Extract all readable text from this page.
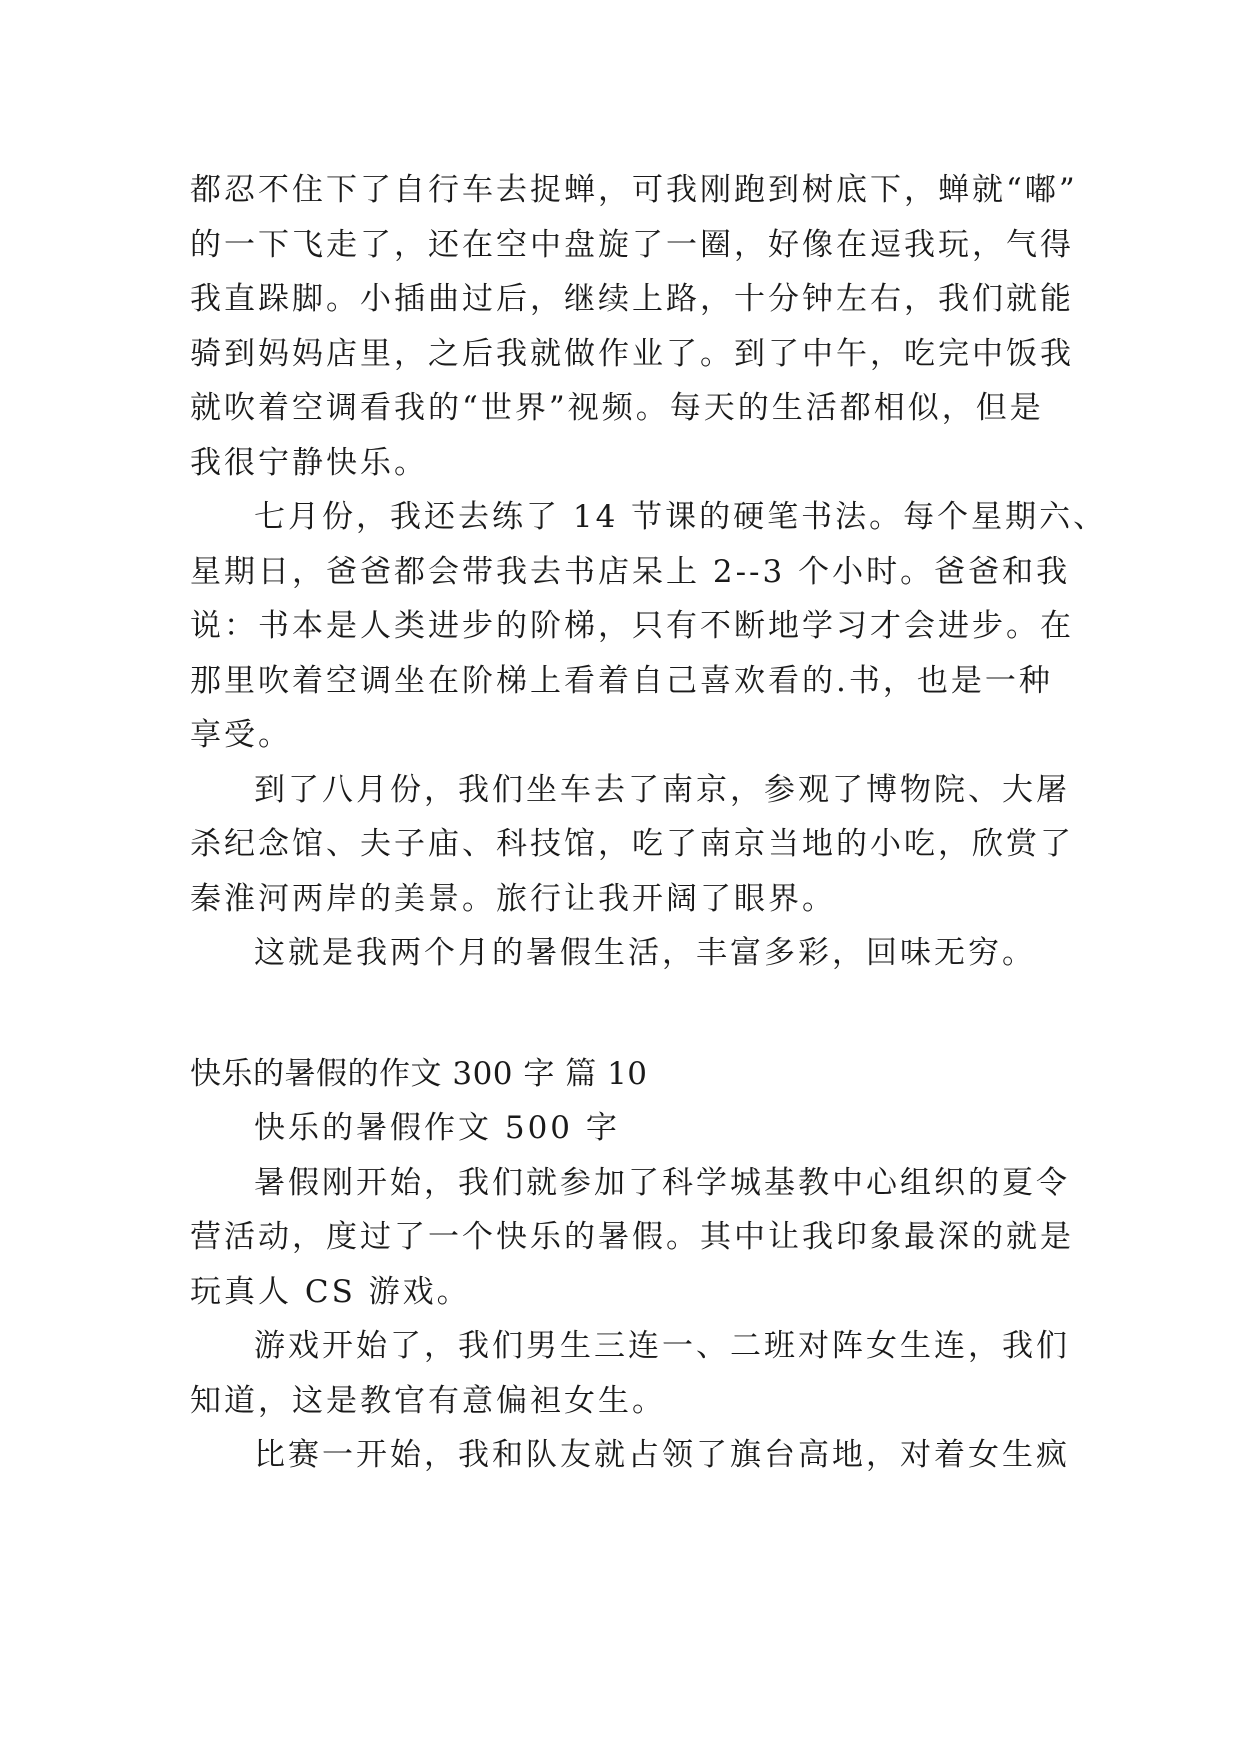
都忍不住下了自行车去捉蝉，可我刚跑到树底下，蝉就“嘟”
的一下飞走了，还在空中盘旋了一圈，好像在逗我玩，气得
我直跺脚。小插曲过后，继续上路，十分钟左右，我们就能
骑到妈妈店里，之后我就做作业了。到了中午，吃完中饭我
就吹着空调看我的“世界”视频。每天的生活都相似，但是
我很宁静快乐。
七月份，我还去练了 14 节课的硬笔书法。每个星期六、
星期日，爸爸都会带我去书店呆上 2--3 个小时。爸爸和我
说：书本是人类进步的阶梯，只有不断地学习才会进步。在
那里吹着空调坐在阶梯上看着自己喜欢看的.书，也是一种
享受。
到了八月份，我们坐车去了南京，参观了博物院、大屠
杀纪念馆、夫子庙、科技馆，吃了南京当地的小吃，欣赏了
秦淮河两岸的美景。旅行让我开阔了眼界。
这就是我两个月的暑假生活，丰富多彩，回味无穷。
快乐的暑假的作文 300 字 篇 10
快乐的暑假作文 500 字
暑假刚开始，我们就参加了科学城基教中心组织的夏令
营活动，度过了一个快乐的暑假。其中让我印象最深的就是
玩真人 CS 游戏。
游戏开始了，我们男生三连一、二班对阵女生连，我们
知道，这是教官有意偏袒女生。
比赛一开始，我和队友就占领了旗台高地，对着女生疯
